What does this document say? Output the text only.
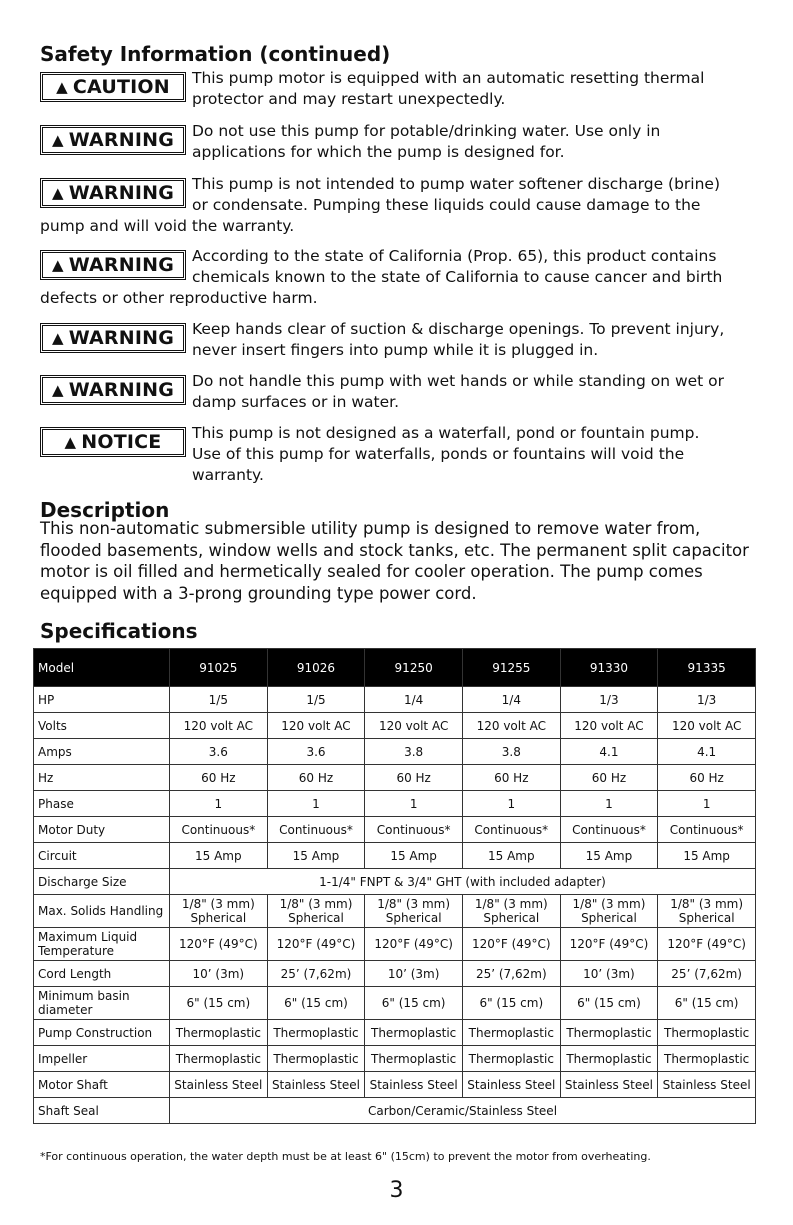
Safety Information (continued)
▲ CAUTION	This pump motor is equipped with an automatic resetting thermal
protector and may restart unexpectedly.
▲ WARNING	Do not use this pump for potable/drinking water. Use only in
applications for which the pump is designed for.
▲ WARNING	This pump is not intended to pump water softener discharge (brine)
or condensate. Pumping these liquids could cause damage to the
pump and will void the warranty.
▲ WARNING	According to the state of California (Prop. 65), this product contains
chemicals known to the state of California to cause cancer and birth
defects or other reproductive harm.
▲ WARNING	Keep hands clear of suction & discharge openings. To prevent injury,
never insert fingers into pump while it is plugged in.
▲ WARNING	Do not handle this pump with wet hands or while standing on wet or
damp surfaces or in water.
▲ NOTICE	This pump is not designed as a waterfall, pond or fountain pump.
Use of this pump for waterfalls, ponds or fountains will void the
warranty.
Description

This non-automatic submersible utility pump is designed to remove water from, flooded basements, window wells and stock tanks, etc. The permanent split capacitor motor is oil filled and hermetically sealed for cooler operation. The pump comes equipped with a 3-prong grounding type power cord.

Specifications
Model	91025	91026	91250	91255	91330	91335
HP	1/5	1/5	1/4	1/4	1/3	1/3
Volts	120 volt AC	120 volt AC	120 volt AC	120 volt AC	120 volt AC	120 volt AC
Amps	3.6	3.6	3.8	3.8	4.1	4.1
Hz	60 Hz	60 Hz	60 Hz	60 Hz	60 Hz	60 Hz
Phase	1	1	1	1	1	1
Motor Duty	Continuous*	Continuous*	Continuous*	Continuous*	Continuous*	Continuous*
Circuit	15 Amp	15 Amp	15 Amp	15 Amp	15 Amp	15 Amp
Discharge Size	1-1/4" FNPT & 3/4" GHT (with included adapter)					
Max. Solids Handling	1/8" (3 mm) Spherical	1/8" (3 mm) Spherical	1/8" (3 mm) Spherical	1/8" (3 mm) Spherical	1/8" (3 mm) Spherical	1/8" (3 mm) Spherical
Maximum Liquid Temperature	120°F (49°C)	120°F (49°C)	120°F (49°C)	120°F (49°C)	120°F (49°C)	120°F (49°C)
Cord Length	10’ (3m)	25’ (7,62m)	10’ (3m)	25’ (7,62m)	10’ (3m)	25’ (7,62m)
Minimum basin diameter	6" (15 cm)	6" (15 cm)	6" (15 cm)	6" (15 cm)	6" (15 cm)	6" (15 cm)
Pump Construction	Thermoplastic	Thermoplastic	Thermoplastic	Thermoplastic	Thermoplastic	Thermoplastic
Impeller	Thermoplastic	Thermoplastic	Thermoplastic	Thermoplastic	Thermoplastic	Thermoplastic
Motor Shaft	Stainless Steel	Stainless Steel	Stainless Steel	Stainless Steel	Stainless Steel	Stainless Steel
Shaft Seal	Carbon/Ceramic/Stainless Steel					
*For continuous operation, the water depth must be at least 6" (15cm) to prevent the motor from overheating.
3
